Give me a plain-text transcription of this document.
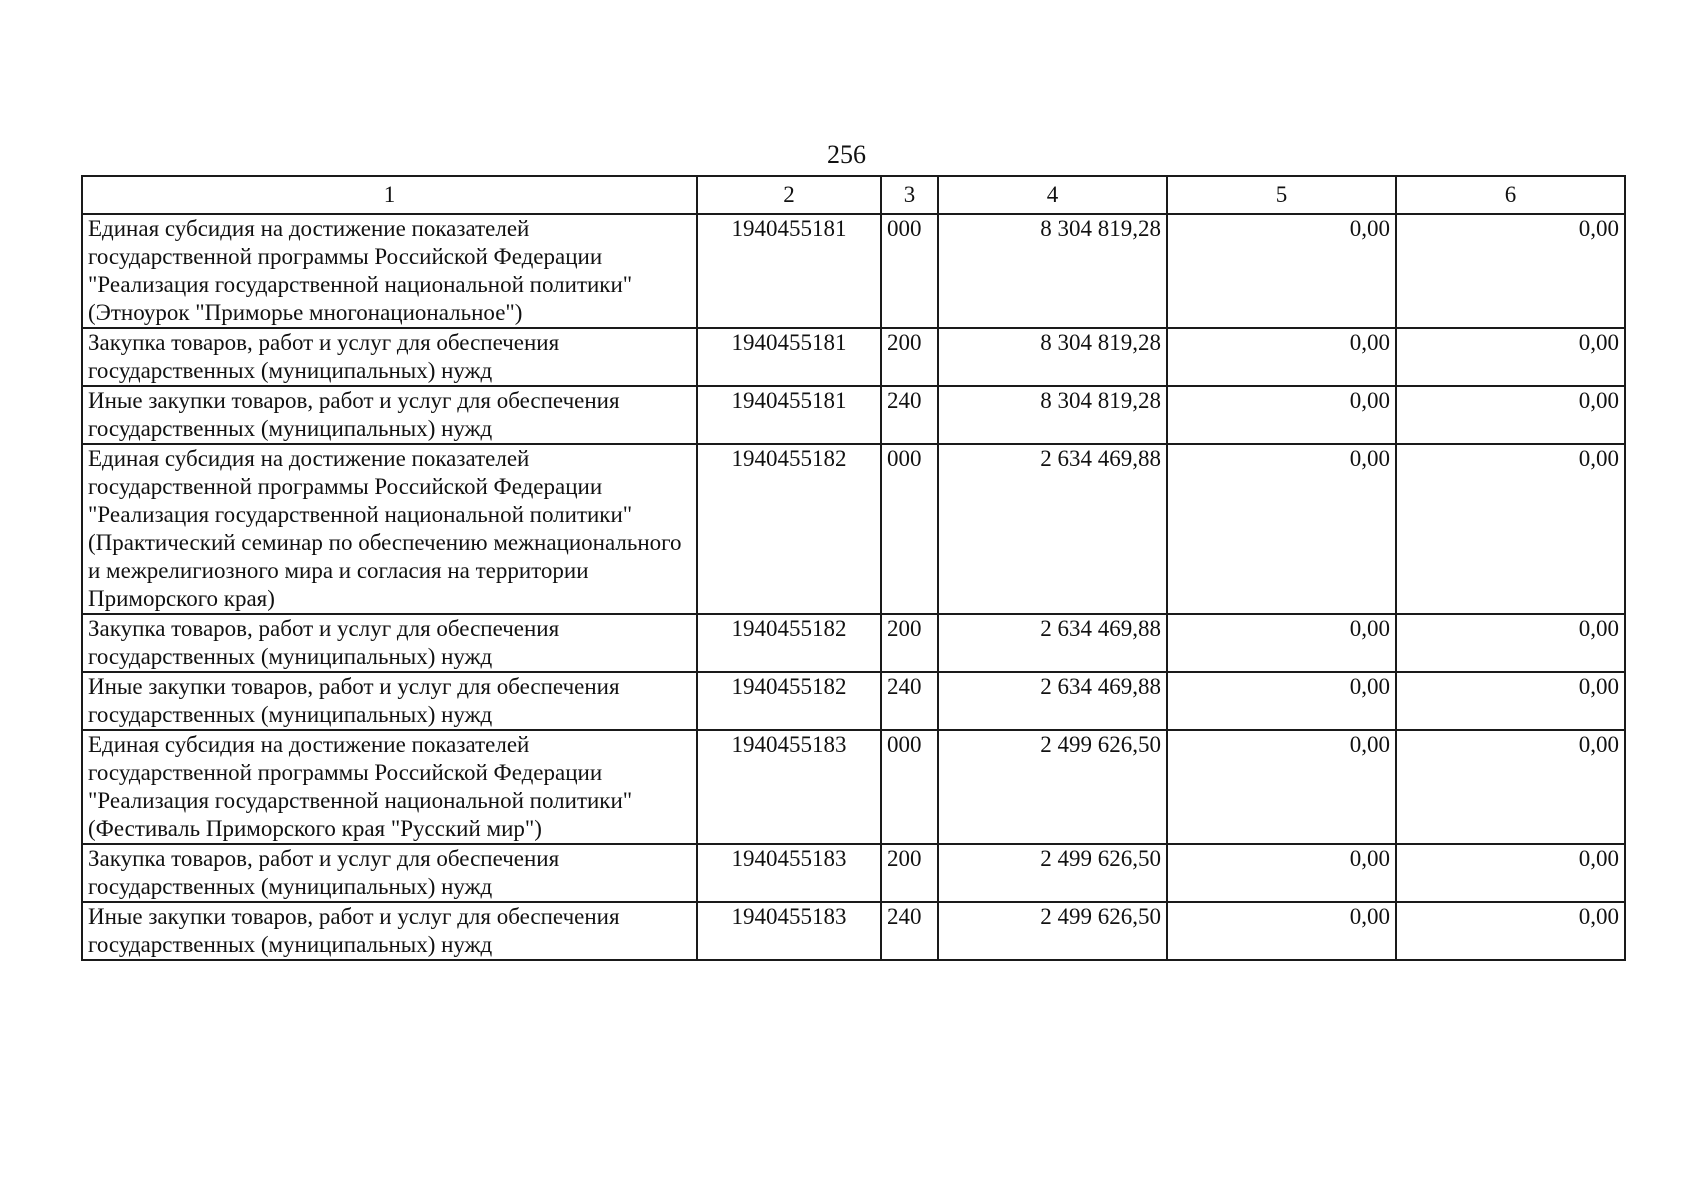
256
1	2	3	4	5	6
Единая субсидия на достижение показателей государственной программы Российской Федерации "Реализация государственной национальной политики" (Этноурок "Приморье многонациональное")	1940455181	000	8 304 819,28	0,00	0,00
Закупка товаров, работ и услуг для обеспечения государственных (муниципальных) нужд	1940455181	200	8 304 819,28	0,00	0,00
Иные закупки товаров, работ и услуг для обеспечения государственных (муниципальных) нужд	1940455181	240	8 304 819,28	0,00	0,00
Единая субсидия на достижение показателей государственной программы Российской Федерации "Реализация государственной национальной политики" (Практический семинар по обеспечению межнационального и межрелигиозного мира и согласия на территории Приморского края)	1940455182	000	2 634 469,88	0,00	0,00
Закупка товаров, работ и услуг для обеспечения государственных (муниципальных) нужд	1940455182	200	2 634 469,88	0,00	0,00
Иные закупки товаров, работ и услуг для обеспечения государственных (муниципальных) нужд	1940455182	240	2 634 469,88	0,00	0,00
Единая субсидия на достижение показателей государственной программы Российской Федерации "Реализация государственной национальной политики" (Фестиваль Приморского края "Русский мир")	1940455183	000	2 499 626,50	0,00	0,00
Закупка товаров, работ и услуг для обеспечения государственных (муниципальных) нужд	1940455183	200	2 499 626,50	0,00	0,00
Иные закупки товаров, работ и услуг для обеспечения государственных (муниципальных) нужд	1940455183	240	2 499 626,50	0,00	0,00
